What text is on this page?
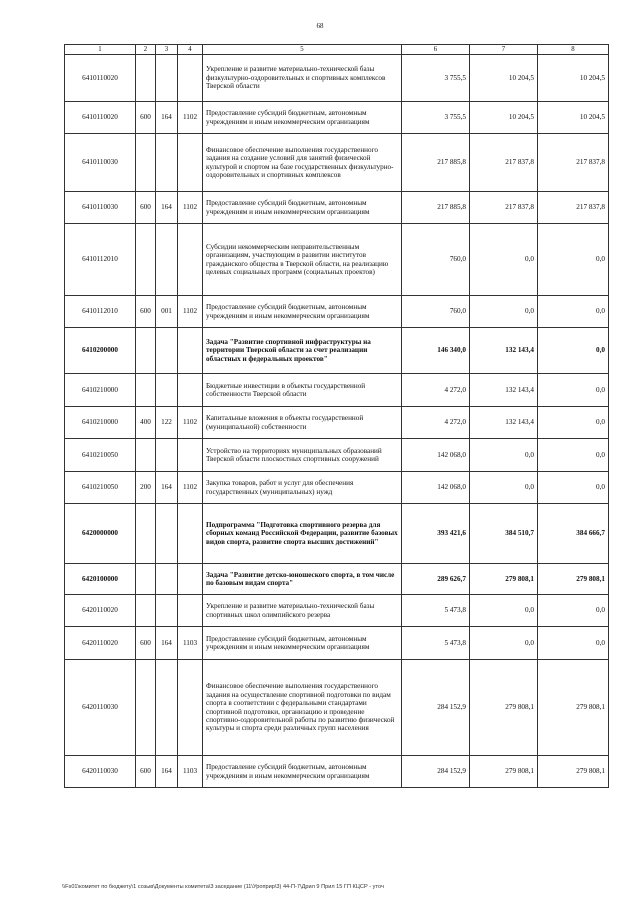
68
1	2	3	4	5	6	7	8
6410110020				Укрепление и развитие материально-технической базы физкультурно-оздоровительных и спортивных комплексов Тверской области	3 755,5	10 204,5	10 204,5
6410110020	600	164	1102	Предоставление субсидий бюджетным, автономным учреждениям и иным некоммерческим организациям	3 755,5	10 204,5	10 204,5
6410110030				Финансовое обеспечение выполнения государственного задания на создание условий для занятий физической культурой и спортом на базе государственных физкультурно-оздоровительных и спортивных комплексов	217 885,8	217 837,8	217 837,8
6410110030	600	164	1102	Предоставление субсидий бюджетным, автономным учреждениям и иным некоммерческим организациям	217 885,8	217 837,8	217 837,8
6410112010				Субсидии некоммерческим неправительственным организациям, участвующим в развитии институтов гражданского общества в Тверской области, на реализацию целевых социальных программ (социальных проектов)	760,0	0,0	0,0
6410112010	600	001	1102	Предоставление субсидий бюджетным, автономным учреждениям и иным некоммерческим организациям	760,0	0,0	0,0
6410200000				Задача "Развитие спортивной инфраструктуры на территории Тверской области за счет реализации областных и федеральных проектов"	146 340,0	132 143,4	0,0
6410210000				Бюджетные инвестиции в объекты государственной собственности Тверской области	4 272,0	132 143,4	0,0
6410210000	400	122	1102	Капитальные вложения в объекты государственной (муниципальной) собственности	4 272,0	132 143,4	0,0
6410210050				Устройство на территориях муниципальных образований Тверской области плоскостных спортивных сооружений	142 068,0	0,0	0,0
6410210050	200	164	1102	Закупка товаров, работ и услуг для обеспечения государственных (муниципальных) нужд	142 068,0	0,0	0,0
6420000000				Подпрограмма "Подготовка спортивного резерва для сборных команд Российской Федерации, развитие базовых видов спорта, развитие спорта высших достижений"	393 421,6	384 510,7	384 666,7
6420100000				Задача "Развитие детско-юношеского спорта, в том числе по базовым видам спорта"	289 626,7	279 808,1	279 808,1
6420110020				Укрепление и развитие материально-технической базы спортивных школ олимпийского резерва	5 473,8	0,0	0,0
6420110020	600	164	1103	Предоставление субсидий бюджетным, автономным учреждениям и иным некоммерческим организациям	5 473,8	0,0	0,0
6420110030				Финансовое обеспечение выполнения государственного задания на осуществление спортивной подготовки по видам спорта в соответствии с федеральными стандартами спортивной подготовки, организацию и проведение спортивно-оздоровительной работы по развитию физической культуры и спорта среди различных групп населения	284 152,9	279 808,1	279 808,1
6420110030	600	164	1103	Предоставление субсидий бюджетным, автономным учреждениям и иным некоммерческим организациям	284 152,9	279 808,1	279 808,1
\\Fs01\комитет по бюджету\1 созыв\Документы комитета\3 заседание (11\Уроприр\3) 44-П-7\Дрил 9 Прил 15 ГП КЦСР - уточ
